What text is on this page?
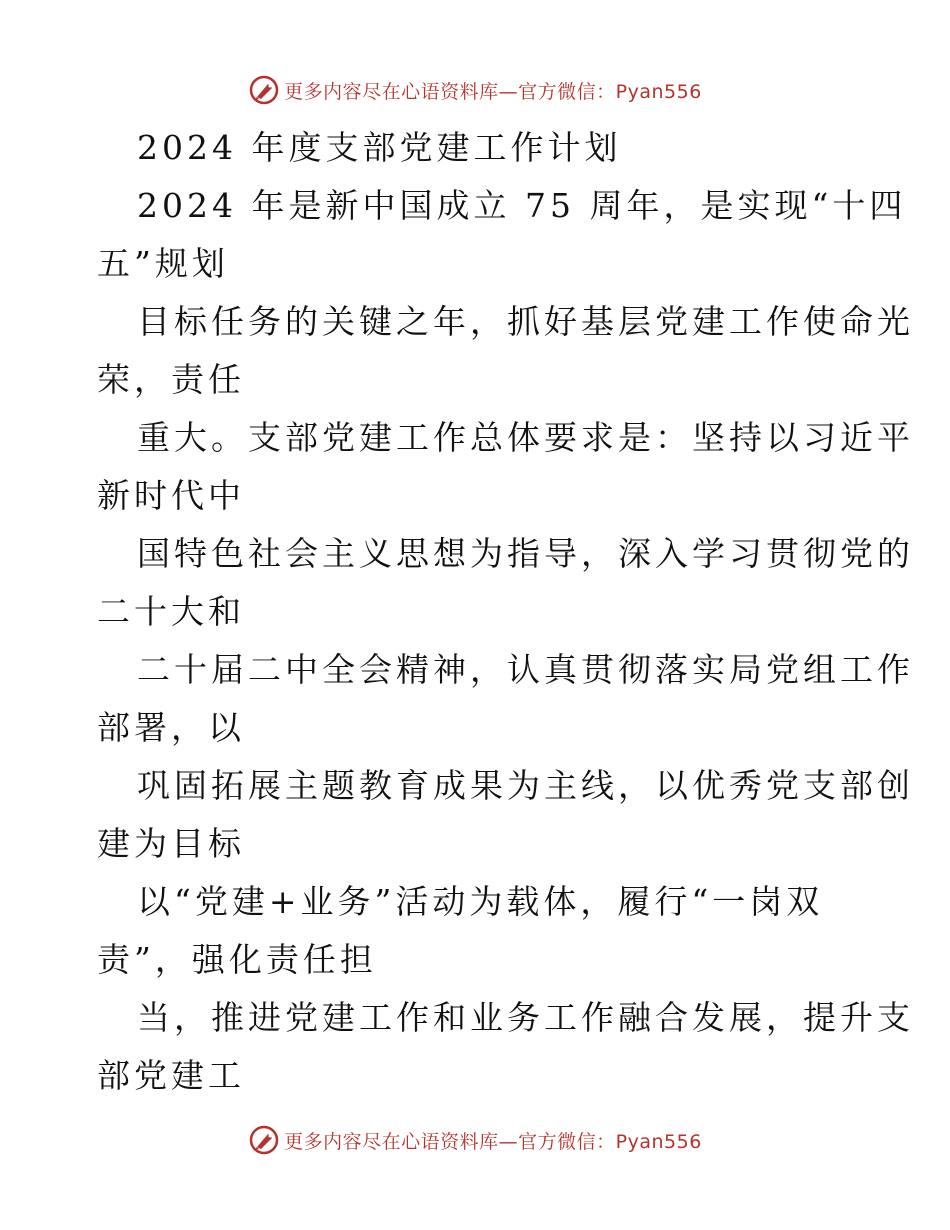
更多内容尽在心语资料库—官方微信：Pyan556
2024 年度支部党建工作计划
2024 年是新中国成立 75 周年，是实现“十四
五”规划
目标任务的关键之年，抓好基层党建工作使命光
荣，责任
重大。支部党建工作总体要求是：坚持以习近平
新时代中
国特色社会主义思想为指导，深入学习贯彻党的
二十大和
二十届二中全会精神，认真贯彻落实局党组工作
部署，以
巩固拓展主题教育成果为主线，以优秀党支部创
建为目标
以“党建+业务”活动为载体，履行“一岗双
责”，强化责任担
当，推进党建工作和业务工作融合发展，提升支
部党建工
更多内容尽在心语资料库—官方微信：Pyan556
